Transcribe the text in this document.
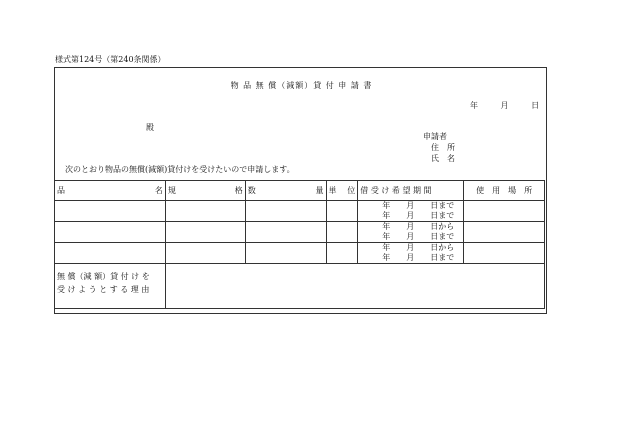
様式第124号（第240条関係）
物 品 無 償（減額）貸 付 申 請 書
年	月	日
殿
申請者
住　所
氏　名
次のとおり物品の無償(減額)貸付けを受けたいので申請します。
品 名	規 格	数 量	単 位	借 受 け 希 望 期 間	使　用　場　所

				年　　月　　日まで
年　　月　　日まで	

				年　　月　　日から
年　　月　　日まで	

				年　　月　　日から
年　　月　　日まで	

無 償（減 額）貸 付 け を
受 け よ う と す る 理 由					
